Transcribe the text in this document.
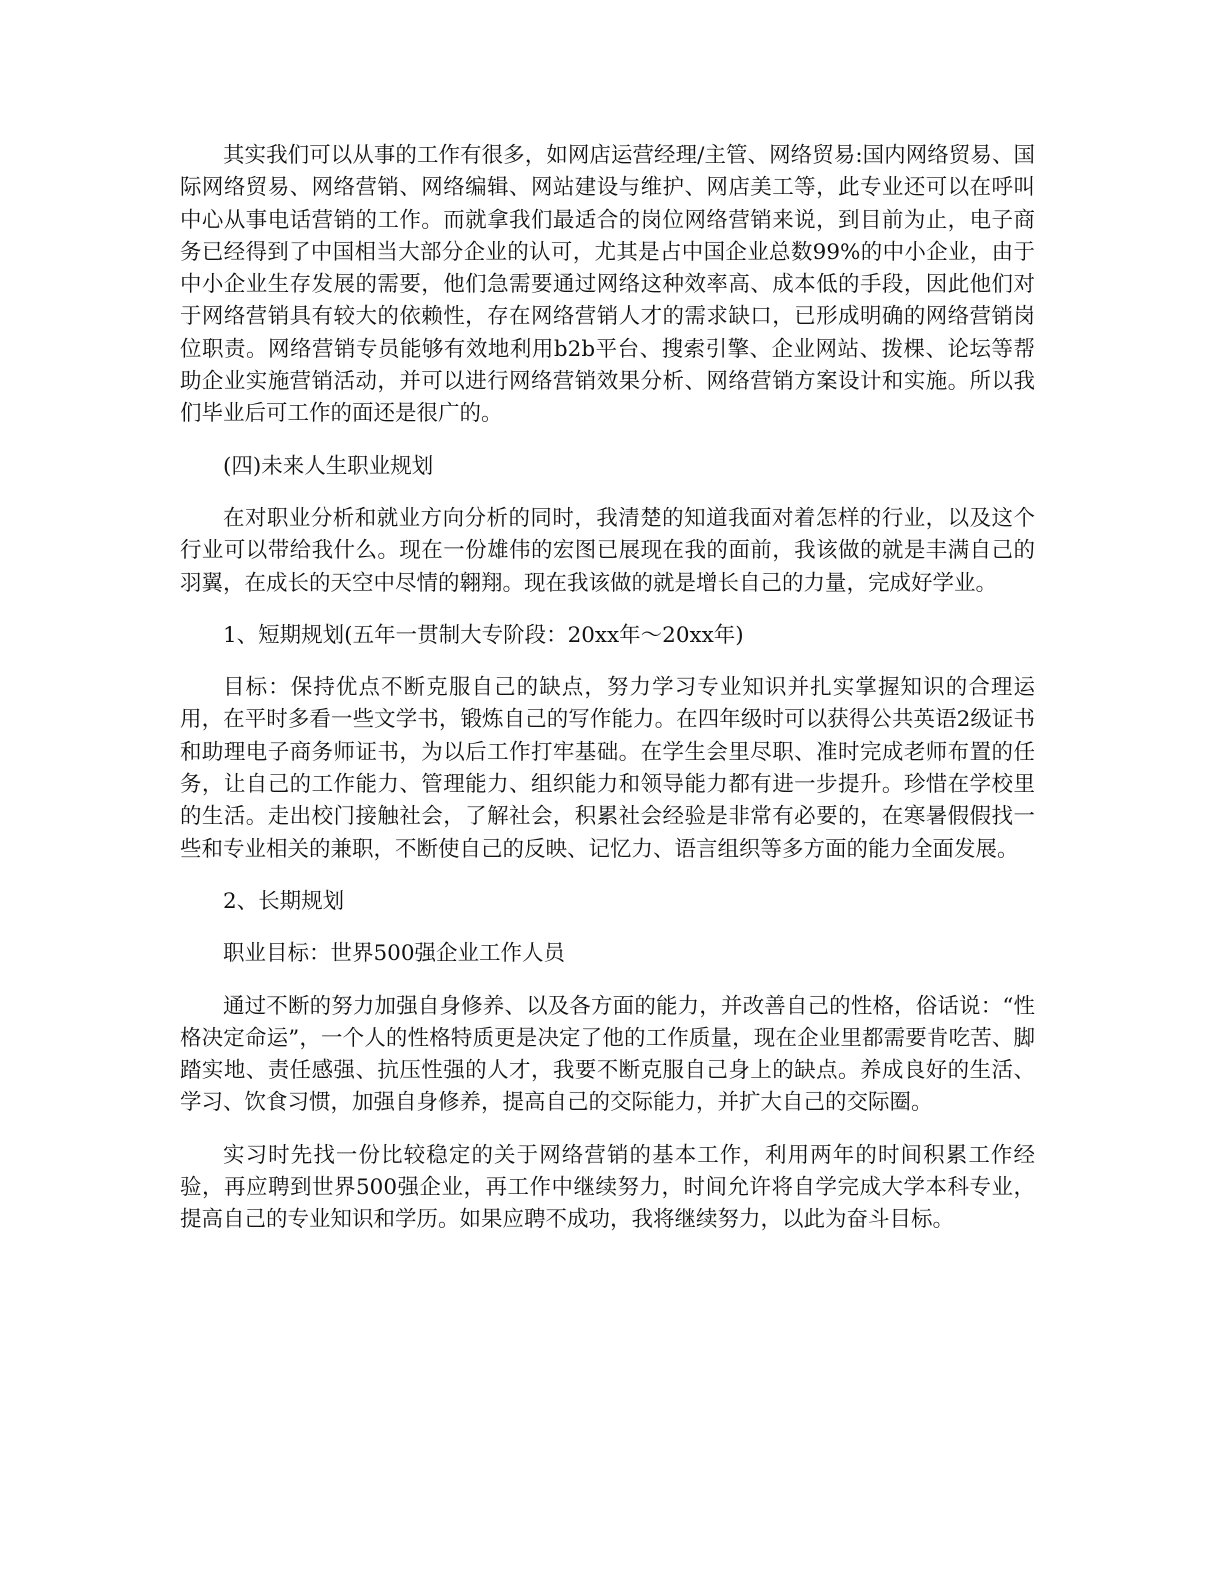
其实我们可以从事的工作有很多，如网店运营经理/主管、网络贸易:国内网络贸易、国际网络贸易、网络营销、网络编辑、网站建设与维护、网店美工等，此专业还可以在呼叫中心从事电话营销的工作。而就拿我们最适合的岗位网络营销来说，到目前为止，电子商务已经得到了中国相当大部分企业的认可，尤其是占中国企业总数99%的中小企业，由于中小企业生存发展的需要，他们急需要通过网络这种效率高、成本低的手段，因此他们对于网络营销具有较大的依赖性，存在网络营销人才的需求缺口，已形成明确的网络营销岗位职责。网络营销专员能够有效地利用b2b平台、搜索引擎、企业网站、拨棵、论坛等帮助企业实施营销活动，并可以进行网络营销效果分析、网络营销方案设计和实施。所以我们毕业后可工作的面还是很广的。

(四)未来人生职业规划

在对职业分析和就业方向分析的同时，我清楚的知道我面对着怎样的行业，以及这个行业可以带给我什么。现在一份雄伟的宏图已展现在我的面前，我该做的就是丰满自己的羽翼，在成长的天空中尽情的翱翔。现在我该做的就是增长自己的力量，完成好学业。

1、短期规划(五年一贯制大专阶段：20xx年～20xx年)

目标：保持优点不断克服自己的缺点，努力学习专业知识并扎实掌握知识的合理运用，在平时多看一些文学书，锻炼自己的写作能力。在四年级时可以获得公共英语2级证书和助理电子商务师证书，为以后工作打牢基础。在学生会里尽职、准时完成老师布置的任务，让自己的工作能力、管理能力、组织能力和领导能力都有进一步提升。珍惜在学校里的生活。走出校门接触社会，了解社会，积累社会经验是非常有必要的，在寒暑假假找一些和专业相关的兼职，不断使自己的反映、记忆力、语言组织等多方面的能力全面发展。

2、长期规划

职业目标：世界500强企业工作人员

通过不断的努力加强自身修养、以及各方面的能力，并改善自己的性格，俗话说：“性格决定命运”，一个人的性格特质更是决定了他的工作质量，现在企业里都需要肯吃苦、脚踏实地、责任感强、抗压性强的人才，我要不断克服自己身上的缺点。养成良好的生活、学习、饮食习惯，加强自身修养，提高自己的交际能力，并扩大自己的交际圈。

实习时先找一份比较稳定的关于网络营销的基本工作，利用两年的时间积累工作经验，再应聘到世界500强企业，再工作中继续努力，时间允许将自学完成大学本科专业，提高自己的专业知识和学历。如果应聘不成功，我将继续努力，以此为奋斗目标。
